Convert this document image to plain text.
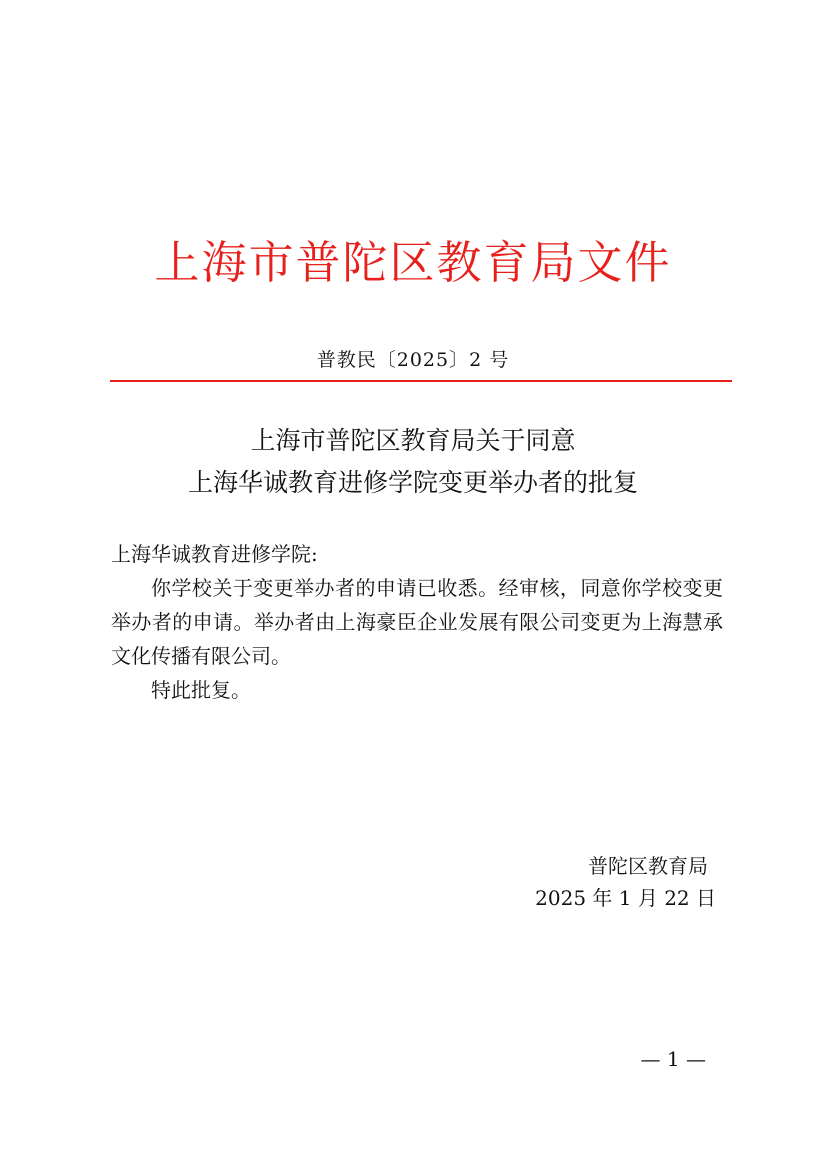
上海市普陀区教育局文件
普教民〔2025〕2 号
上海市普陀区教育局关于同意
上海华诚教育进修学院变更举办者的批复
上海华诚教育进修学院:
你学校关于变更举办者的申请已收悉。经审核，同意你学校变更举办者的申请。举办者由上海豪臣企业发展有限公司变更为上海慧承文化传播有限公司。
特此批复。
普陀区教育局
2025 年 1 月 22 日
— 1 —
